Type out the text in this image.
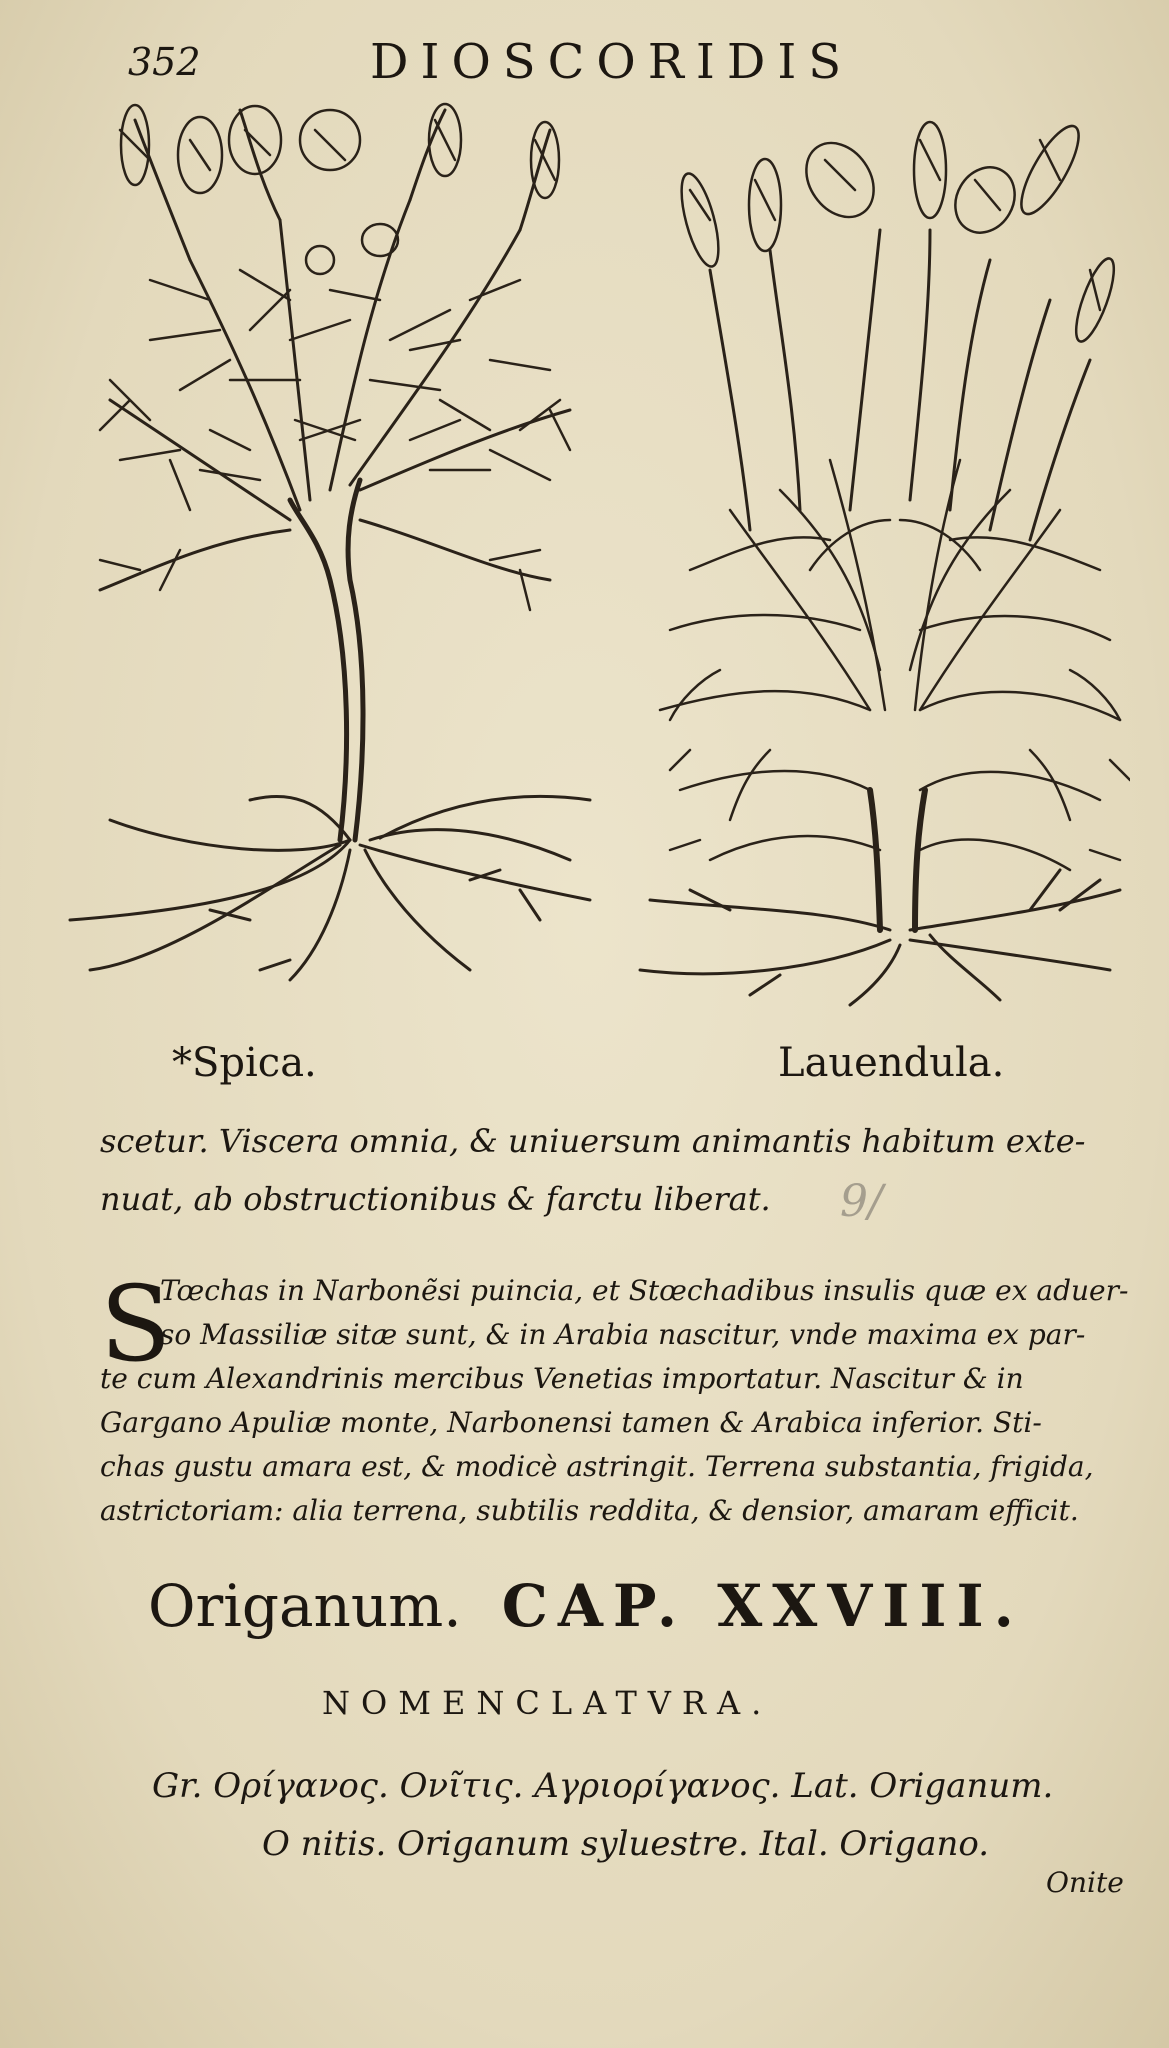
352	DIOSCORIDIS
*Spica.	Lauendula.
scetur. Viscera omnia, & uniuersum animantis habitum exte-
nuat, ab obstructionibus & farctu liberat. 9/
S
Tœchas in Narbonẽsi puincia, et Stœchadibus insulis quæ ex aduer-
so Massiliæ sitæ sunt, & in Arabia nascitur, vnde maxima ex par-
te cum Alexandrinis mercibus Venetias importatur. Nascitur & in
Gargano Apuliæ monte, Narbonensi tamen & Arabica inferior. Sti-
chas gustu amara est, & modicè astringit. Terrena substantia, frigida,
astrictoriam: alia terrena, subtilis reddita, & densior, amaram efficit.
Origanum. CAP. XXVIII.
NOMENCLATVRA.
Gr. Ορίγανος. Ονῖτις. Αγριορίγανος. Lat. Origanum.
O nitis. Origanum syluestre. Ital. Origano.
Onite
